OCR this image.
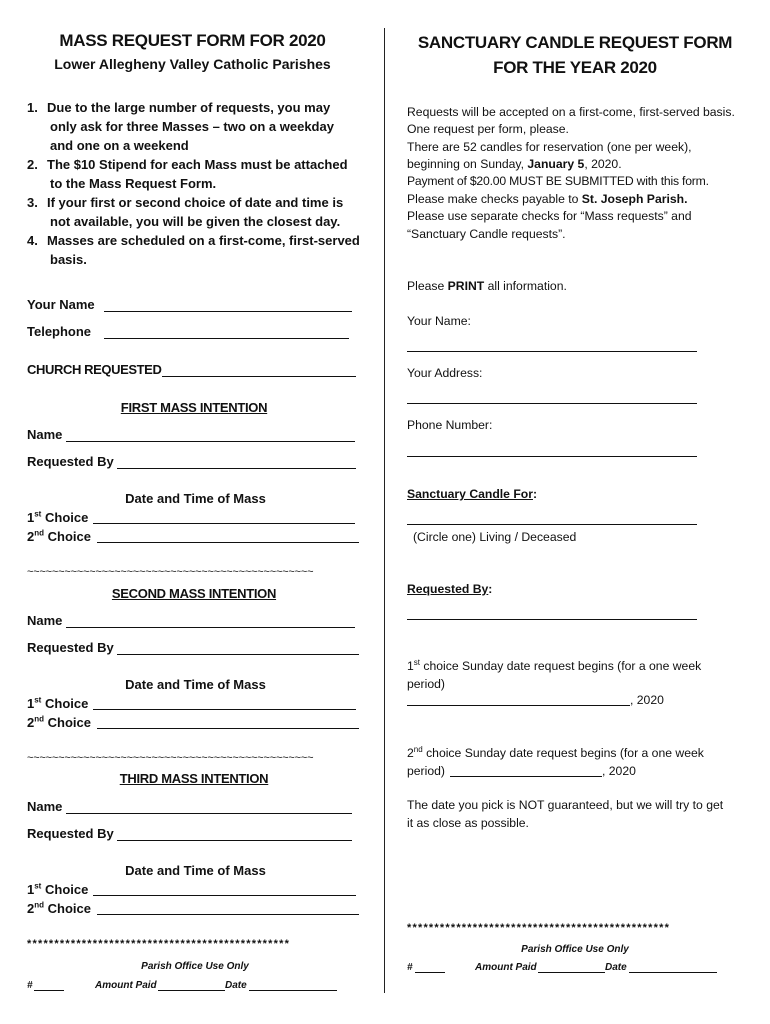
MASS REQUEST FORM FOR 2020
Lower Allegheny Valley Catholic Parishes
1. Due to the large number of requests, you may
only ask for three Masses – two on a weekday
and one on a weekend
2. The $10 Stipend for each Mass must be attached
to the Mass Request Form.
3. If your first or second choice of date and time is
not available, you will be given the closest day.
4. Masses are scheduled on a first-come, first-served
basis.
Your Name
Telephone
CHURCH REQUESTED
FIRST MASS INTENTION
Name
Requested By
Date and Time of Mass
1st Choice
2nd Choice
~~~~~~~~~~~~~~~~~~~~~~~~~~~~~~~~~~~~~~~~~~~~~~
SECOND MASS INTENTION
Name
Requested By
Date and Time of Mass
1st Choice
2nd Choice
~~~~~~~~~~~~~~~~~~~~~~~~~~~~~~~~~~~~~~~~~~~~~~
THIRD MASS INTENTION
Name
Requested By
Date and Time of Mass
1st Choice
2nd Choice
************************************************
Parish Office Use Only
#	Amount Paid	Date
SANCTUARY CANDLE REQUEST FORM
FOR THE YEAR 2020
Requests will be accepted on a first-come, first-served basis.
One request per form, please.
There are 52 candles for reservation (one per week),
beginning on Sunday, January 5, 2020.
Payment of $20.00 MUST BE SUBMITTED with this form.
Please make checks payable to St. Joseph Parish.
Please use separate checks for “Mass requests” and
“Sanctuary Candle requests”.
Please PRINT all information.
Your Name:
Your Address:
Phone Number:
Sanctuary Candle For:
(Circle one) Living / Deceased
Requested By:
1st choice Sunday date request begins (for a one week
period)
, 2020
2nd choice Sunday date request begins (for a one week
period)	, 2020
The date you pick is NOT guaranteed, but we will try to get
it as close as possible.
************************************************
Parish Office Use Only
#	Amount Paid	Date
